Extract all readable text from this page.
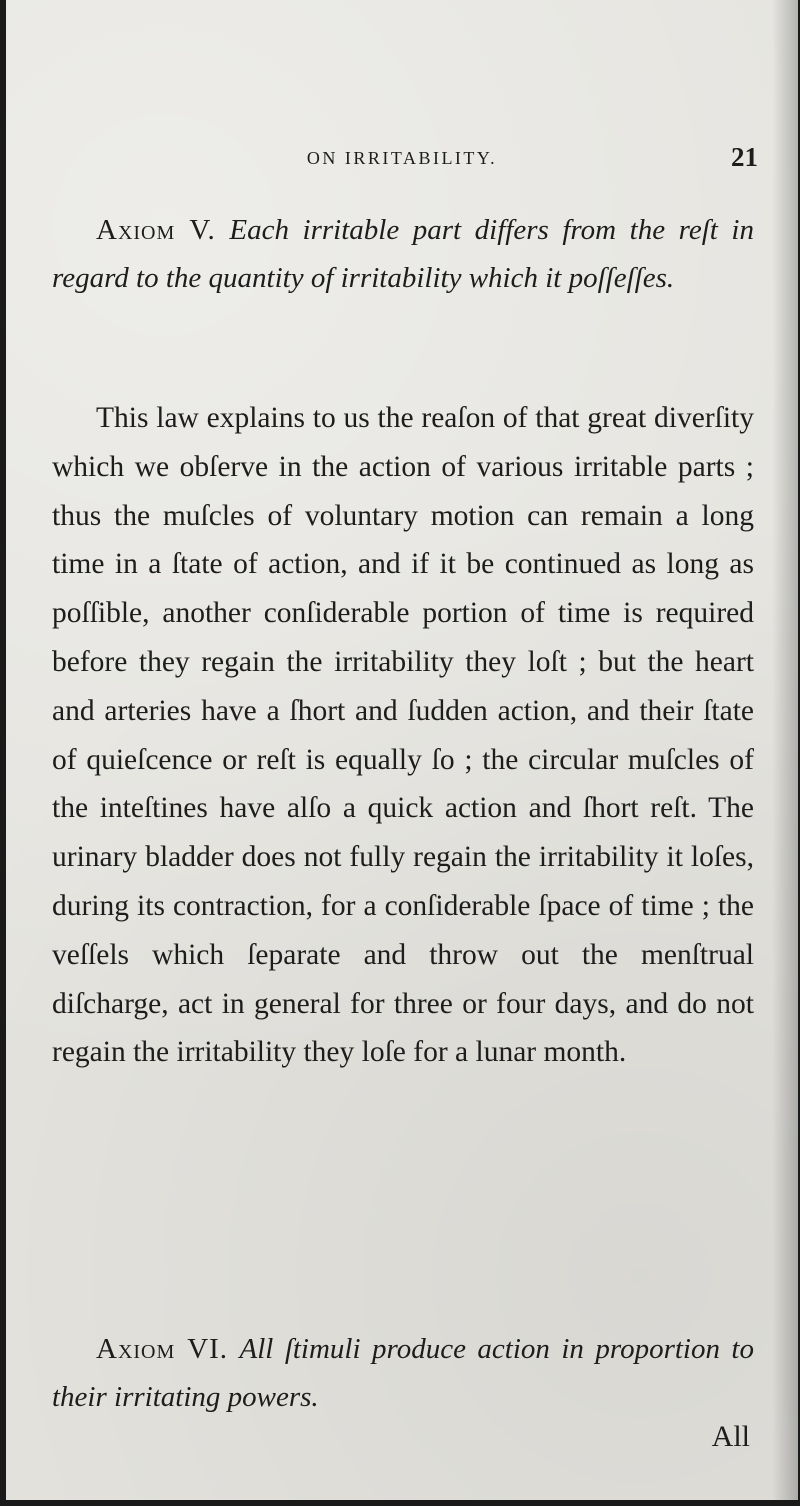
ON IRRITABILITY.	21

Axiom V. Each irritable part differs from the reſt in regard to the quantity of irritability which it poſſeſſes.

This law explains to us the reaſon of that great diverſity which we obſerve in the action of various irritable parts ; thus the muſcles of voluntary motion can remain a long time in a ſtate of action, and if it be continued as long as poſſible, another conſiderable portion of time is required before they regain the irritability they loſt ; but the heart and arteries have a ſhort and ſudden action, and their ſtate of quieſcence or reſt is equally ſo ; the circular muſcles of the inteſtines have alſo a quick action and ſhort reſt. The urinary bladder does not fully regain the irritability it loſes, during its contraction, for a conſiderable ſpace of time ; the veſſels which ſeparate and throw out the menſtrual diſcharge, act in general for three or four days, and do not regain the irritability they loſe for a lunar month.

Axiom VI. All ſtimuli produce action in proportion to their irritating powers.

All
